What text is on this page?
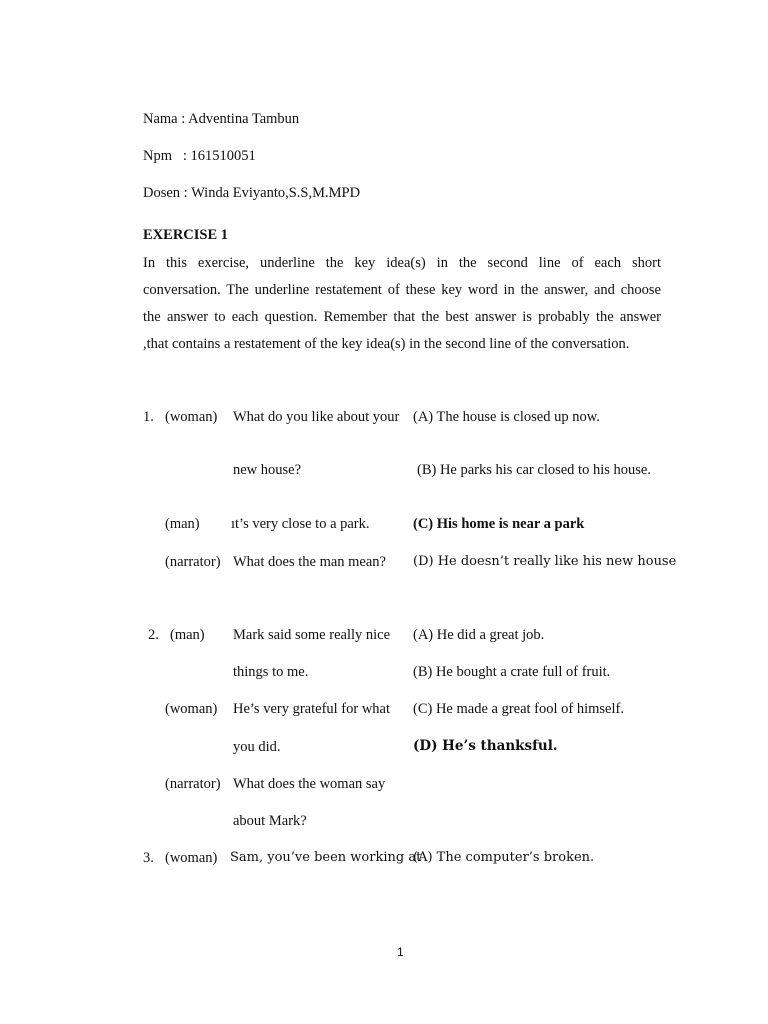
Nama : Adventina Tambun
Npm   : 161510051
Dosen : Winda Eviyanto,S.S,M.MPD
EXERCISE 1
In this exercise, underline the key idea(s) in the second line of each short
conversation. The underline restatement of these key word in the answer, and choose
the answer to each question. Remember that the best answer is probably the answer
,that contains a restatement of the key idea(s) in the second line of the conversation.
1. (woman) What do you like about your
new house?
(man) ıt’s very close to a park.
(narrator) What does the man mean?
(A) The house is closed up now.
(B) He parks his car closed to his house.
(C) His home is near a park
(D) He doesn’t really like his new house
2. (man) Mark said some really nice
things to me.
(woman) He’s very grateful for what
you did.
(narrator) What does the woman say
about Mark?
(A) He did a great job.
(B) He bought a crate full of fruit.
(C) He made a great fool of himself.
(D) He’s thanksful.
3. (woman) Sam, you’ve been working at
(A) The computer’s broken.
1
